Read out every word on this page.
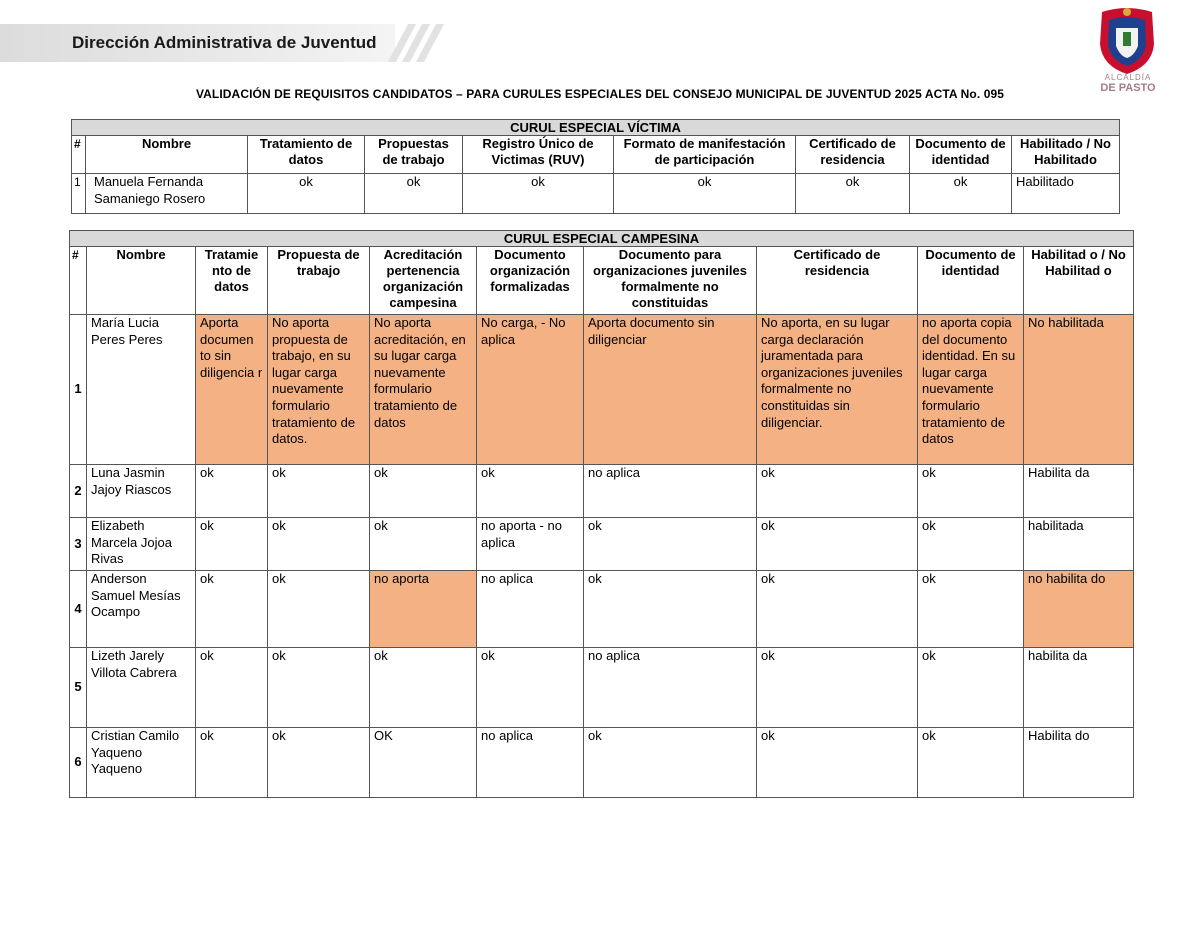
Dirección Administrativa de Juventud
ALCALDÍA
DE PASTO
VALIDACIÓN DE REQUISITOS CANDIDATOS – PARA CURULES ESPECIALES DEL CONSEJO MUNICIPAL DE JUVENTUD 2025 ACTA No. 095
CURUL ESPECIAL VÍCTIMA								
#	Nombre	Tratamiento de datos	Propuestas de trabajo	Registro Único de Victimas (RUV)	Formato de manifestación de participación	Certificado de residencia	Documento de identidad	Habilitado / No Habilitado
1	Manuela Fernanda Samaniego Rosero	ok	ok	ok	ok	ok	ok	Habilitado
CURUL ESPECIAL CAMPESINA									
#	Nombre	Tratamie nto de datos	Propuesta de trabajo	Acreditación pertenencia organización campesina	Documento organización formalizadas	Documento para organizaciones juveniles formalmente no constituidas	Certificado de residencia	Documento de identidad	Habilitad o / No Habilitad o
1	María Lucia Peres Peres	Aporta documen to sin diligencia r	No aporta propuesta de trabajo, en su lugar carga nuevamente formulario tratamiento de datos.	No aporta acreditación, en su lugar carga nuevamente formulario tratamiento de datos	No carga, - No aplica	Aporta documento sin diligenciar	No aporta, en su lugar carga declaración juramentada para organizaciones juveniles formalmente no constituidas sin diligenciar.	no aporta copia del documento identidad. En su lugar carga nuevamente formulario tratamiento de datos	No habilitada
2	Luna Jasmin Jajoy Riascos	ok	ok	ok	ok	no aplica	ok	ok	Habilita da
3	Elizabeth Marcela Jojoa Rivas	ok	ok	ok	no aporta - no aplica	ok	ok	ok	habilitada
4	Anderson Samuel Mesías Ocampo	ok	ok	no aporta	no aplica	ok	ok	ok	no habilita do
5	Lizeth Jarely Villota Cabrera	ok	ok	ok	ok	no aplica	ok	ok	habilita da
6	Cristian Camilo Yaqueno Yaqueno	ok	ok	OK	no aplica	ok	ok	ok	Habilita do
